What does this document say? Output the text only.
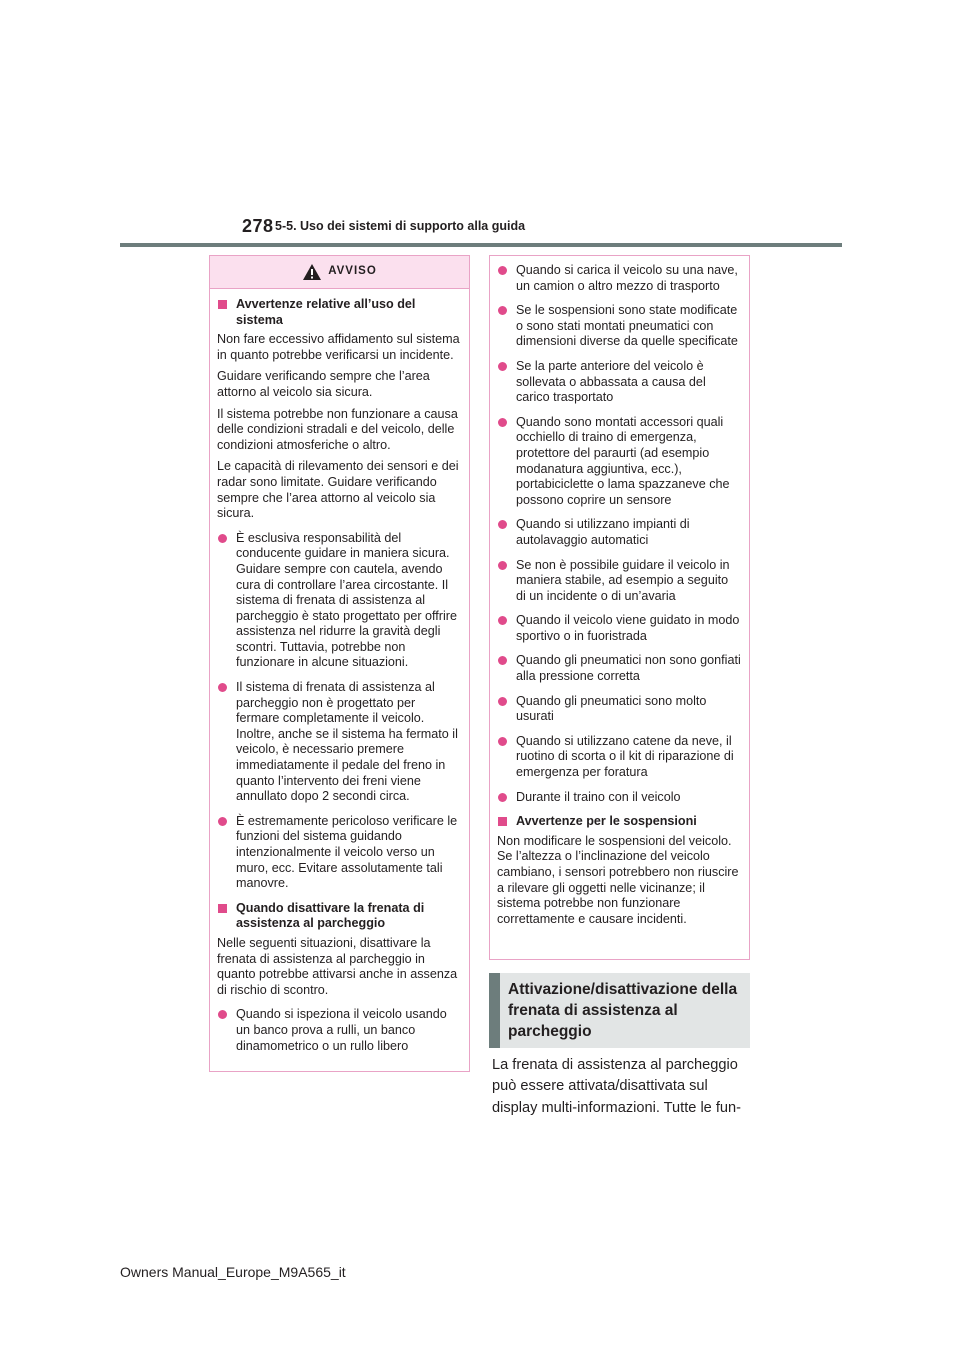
278 5-5. Uso dei sistemi di supporto alla guida
AVVISO
Avvertenze relative all’uso del sistema

Non fare eccessivo affidamento sul sistema in quanto potrebbe verificarsi un incidente.

Guidare verificando sempre che l’area attorno al veicolo sia sicura.

Il sistema potrebbe non funzionare a causa delle condizioni stradali e del veicolo, delle condizioni atmosferiche o altro.

Le capacità di rilevamento dei sensori e dei radar sono limitate. Guidare verificando sempre che l’area attorno al veicolo sia sicura.

È esclusiva responsabilità del conducente guidare in maniera sicura. Guidare sempre con cautela, avendo cura di controllare l’area circostante. Il sistema di frenata di assistenza al parcheggio è stato progettato per offrire assistenza nel ridurre la gravità degli scontri. Tuttavia, potrebbe non funzionare in alcune situazioni.
Il sistema di frenata di assistenza al parcheggio non è progettato per fermare completamente il veicolo. Inoltre, anche se il sistema ha fermato il veicolo, è necessario premere immediatamente il pedale del freno in quanto l’intervento dei freni viene annullato dopo 2 secondi circa.
È estremamente pericoloso verificare le funzioni del sistema guidando intenzionalmente il veicolo verso un muro, ecc. Evitare assolutamente tali manovre.
Quando disattivare la frenata di assistenza al parcheggio

Nelle seguenti situazioni, disattivare la frenata di assistenza al parcheggio in quanto potrebbe attivarsi anche in assenza di rischio di scontro.

Quando si ispeziona il veicolo usando un banco prova a rulli, un banco dinamometrico o un rullo libero
Quando si carica il veicolo su una nave, un camion o altro mezzo di trasporto
Se le sospensioni sono state modificate o sono stati montati pneumatici con dimensioni diverse da quelle specificate
Se la parte anteriore del veicolo è sollevata o abbassata a causa del carico trasportato
Quando sono montati accessori quali occhiello di traino di emergenza, protettore del paraurti (ad esempio modanatura aggiuntiva, ecc.), portabiciclette o lama spazzaneve che possono coprire un sensore
Quando si utilizzano impianti di autolavaggio automatici
Se non è possibile guidare il veicolo in maniera stabile, ad esempio a seguito di un incidente o di un’avaria
Quando il veicolo viene guidato in modo sportivo o in fuoristrada
Quando gli pneumatici non sono gonfiati alla pressione corretta
Quando gli pneumatici sono molto usurati
Quando si utilizzano catene da neve, il ruotino di scorta o il kit di riparazione di emergenza per foratura
Durante il traino con il veicolo
Avvertenze per le sospensioni

Non modificare le sospensioni del veicolo. Se l’altezza o l’inclinazione del veicolo cambiano, i sensori potrebbero non riuscire a rilevare gli oggetti nelle vicinanze; il sistema potrebbe non funzionare correttamente e causare incidenti.

Attivazione/disattivazione della frenata di assistenza al parcheggio
La frenata di assistenza al parcheggio può essere attivata/disattivata sul display multi-informazioni. Tutte le fun-
Owners Manual_Europe_M9A565_it
